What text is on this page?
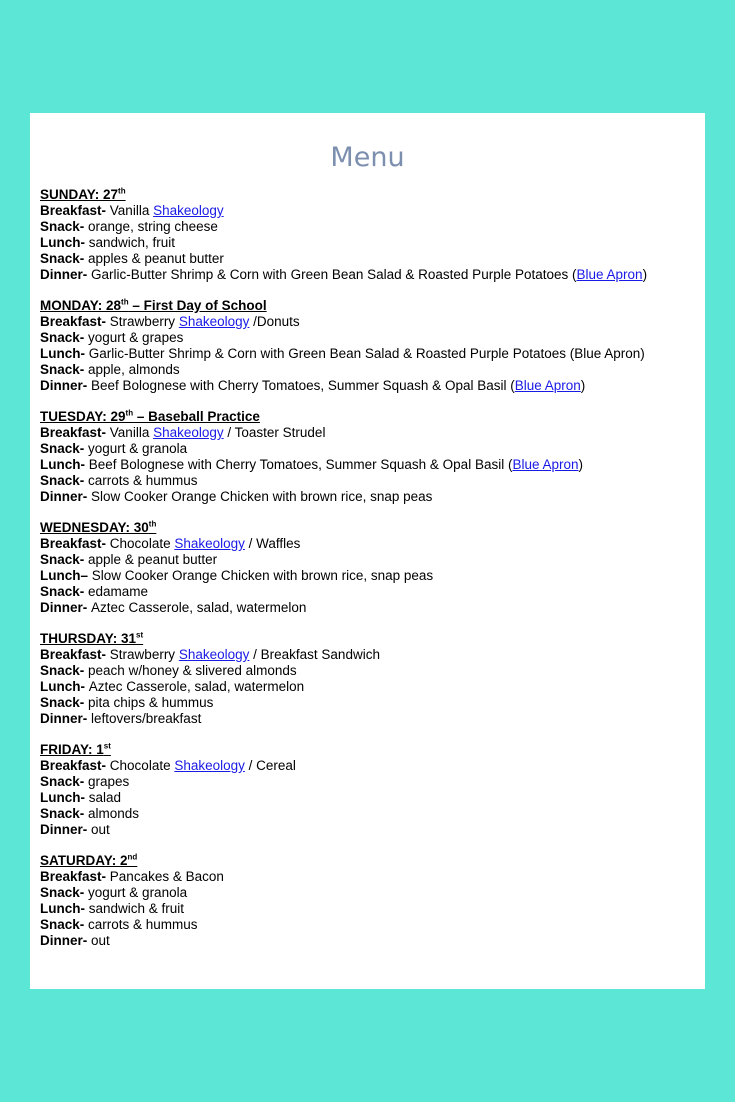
Menu
SUNDAY: 27th
Breakfast- Vanilla Shakeology
Snack- orange, string cheese
Lunch- sandwich, fruit
Snack- apples & peanut butter
Dinner- Garlic-Butter Shrimp & Corn with Green Bean Salad & Roasted Purple Potatoes (Blue Apron)
MONDAY: 28th – First Day of School
Breakfast- Strawberry Shakeology /Donuts
Snack- yogurt & grapes
Lunch- Garlic-Butter Shrimp & Corn with Green Bean Salad & Roasted Purple Potatoes (Blue Apron)
Snack- apple, almonds
Dinner- Beef Bolognese with Cherry Tomatoes, Summer Squash & Opal Basil (Blue Apron)
TUESDAY: 29th – Baseball Practice
Breakfast- Vanilla Shakeology / Toaster Strudel
Snack- yogurt & granola
Lunch- Beef Bolognese with Cherry Tomatoes, Summer Squash & Opal Basil (Blue Apron)
Snack- carrots & hummus
Dinner- Slow Cooker Orange Chicken with brown rice, snap peas
WEDNESDAY: 30th
Breakfast- Chocolate Shakeology / Waffles
Snack- apple & peanut butter
Lunch– Slow Cooker Orange Chicken with brown rice, snap peas
Snack- edamame
Dinner- Aztec Casserole, salad, watermelon
THURSDAY: 31st
Breakfast- Strawberry Shakeology / Breakfast Sandwich
Snack- peach w/honey & slivered almonds
Lunch- Aztec Casserole, salad, watermelon
Snack- pita chips & hummus
Dinner- leftovers/breakfast
FRIDAY: 1st
Breakfast- Chocolate Shakeology / Cereal
Snack- grapes
Lunch- salad
Snack- almonds
Dinner- out
SATURDAY: 2nd
Breakfast- Pancakes & Bacon
Snack- yogurt & granola
Lunch- sandwich & fruit
Snack- carrots & hummus
Dinner- out
